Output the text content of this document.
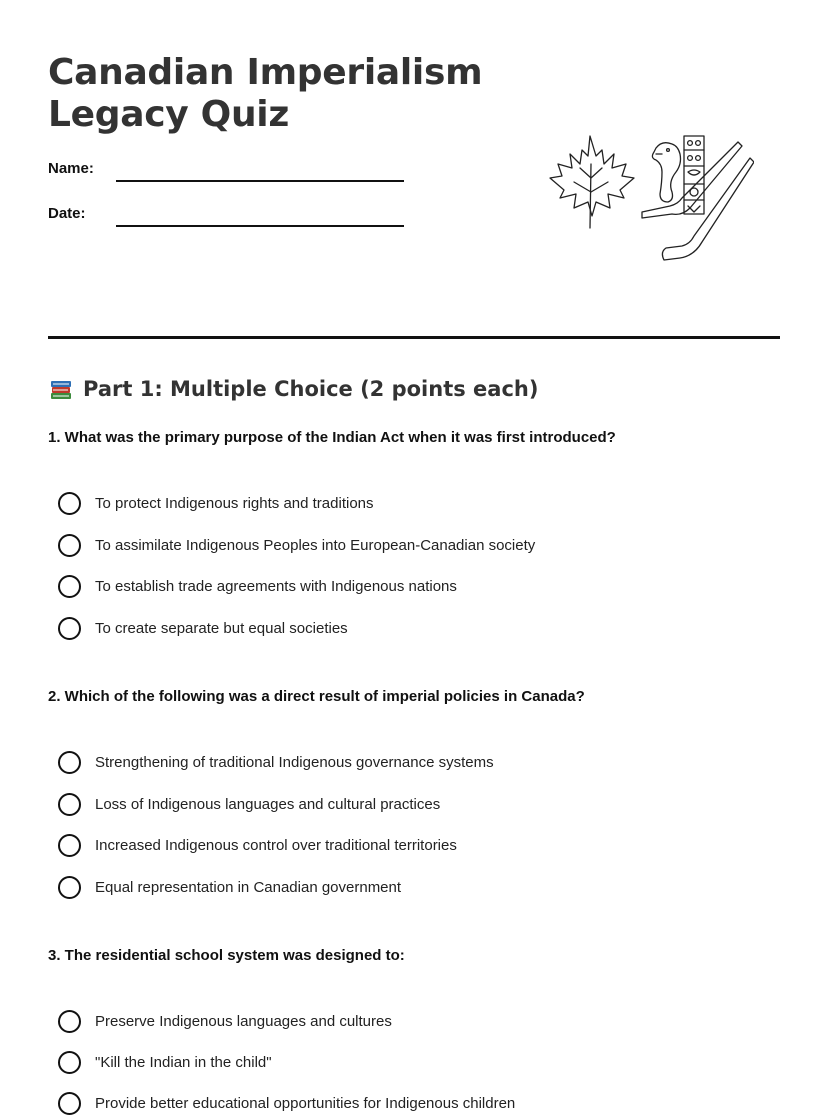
Canadian Imperialism
Legacy Quiz
Name:
Date:
Part 1: Multiple Choice (2 points each)

1. What was the primary purpose of the Indian Act when it was first introduced?

To protect Indigenous rights and traditions
To assimilate Indigenous Peoples into European-Canadian society
To establish trade agreements with Indigenous nations
To create separate but equal societies

2. Which of the following was a direct result of imperial policies in Canada?

Strengthening of traditional Indigenous governance systems
Loss of Indigenous languages and cultural practices
Increased Indigenous control over traditional territories
Equal representation in Canadian government

3. The residential school system was designed to:

Preserve Indigenous languages and cultures
"Kill the Indian in the child"
Provide better educational opportunities for Indigenous children
